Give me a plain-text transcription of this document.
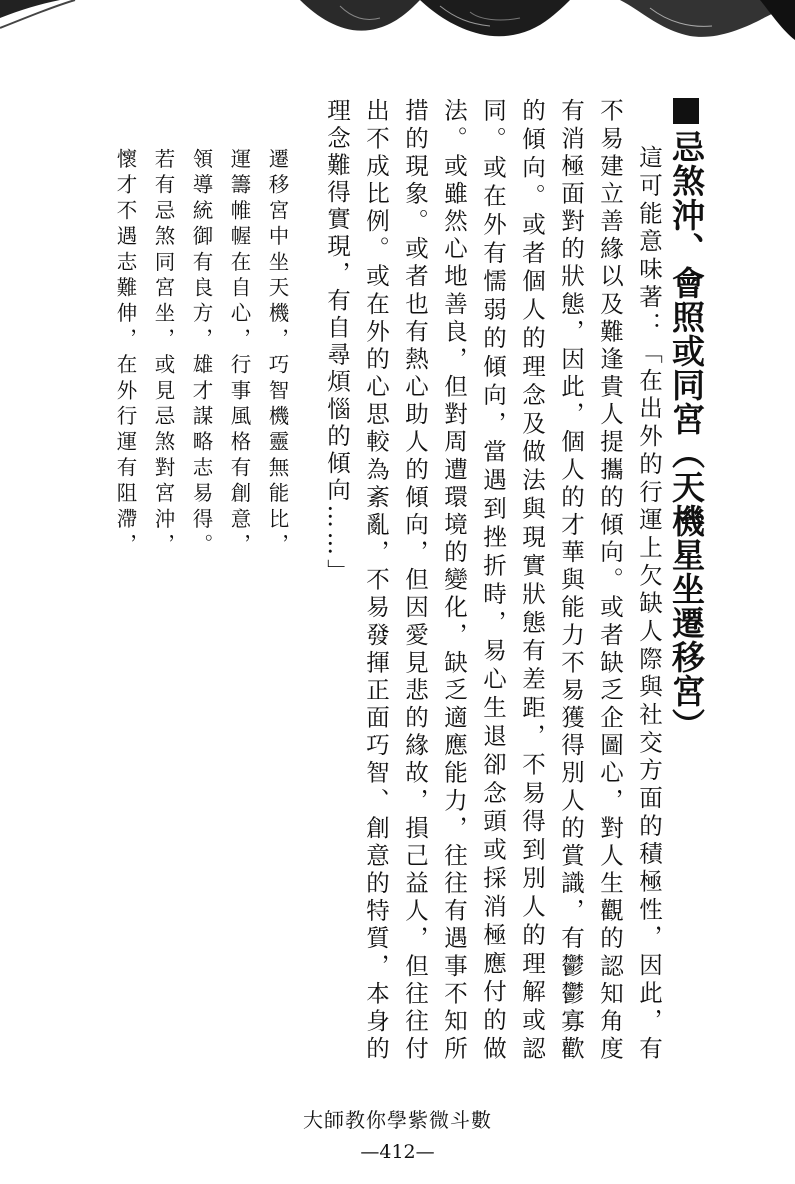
忌煞沖、會照或同宮（天機星坐遷移宮）

這可能意味著：「在出外的行運上欠缺人際與社交方面的積極性，因此，有不易建立善緣以及難逢貴人提攜的傾向。或者缺乏企圖心，對人生觀的認知角度有消極面對的狀態，因此，個人的才華與能力不易獲得別人的賞識，有鬱鬱寡歡的傾向。或者個人的理念及做法與現實狀態有差距，不易得到別人的理解或認同。或在外有懦弱的傾向，當遇到挫折時，易心生退卻念頭或採消極應付的做法。或雖然心地善良，但對周遭環境的變化，缺乏適應能力，往往有遇事不知所措的現象。或者也有熱心助人的傾向，但因愛見悲的緣故，損己益人，但往往付出不成比例。或在外的心思較為紊亂，不易發揮正面巧智、創意的特質，本身的理念難得實現，有自尋煩惱的傾向……」

遷移宮中坐天機，巧智機靈無能比，
運籌帷幄在自心，行事風格有創意，
領導統御有良方，雄才謀略志易得。
若有忌煞同宮坐，或見忌煞對宮沖，
懷才不遇志難伸，在外行運有阻滯，
大師教你學紫微斗數
—412—
